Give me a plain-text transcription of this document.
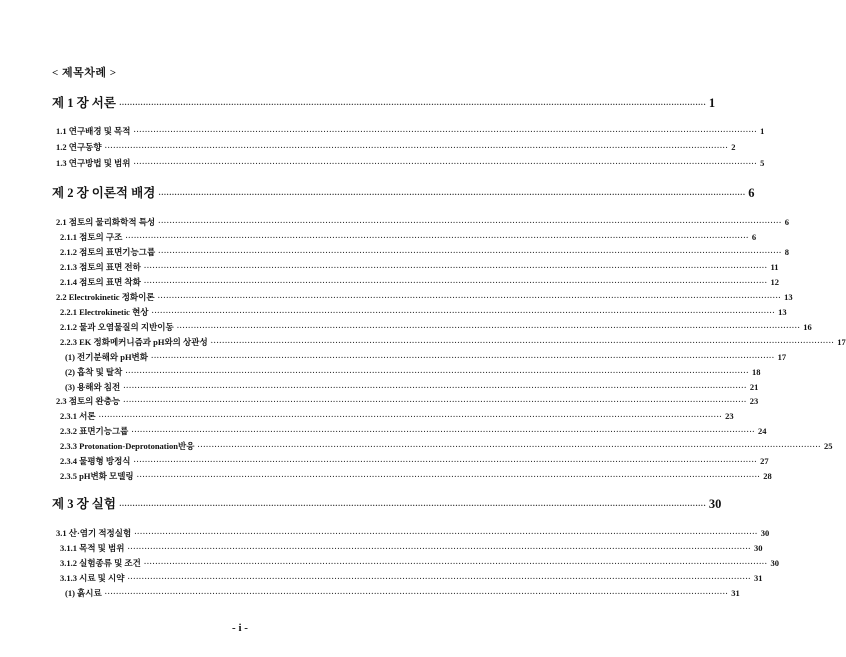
< 제목차례 >
제 1 장 서론 ···························································································································································································································· 1
1.1 연구배경 및 목적 ···························································································································································································································· 1
1.2 연구동향 ···························································································································································································································· 2
1.3 연구방법 및 범위 ···························································································································································································································· 5
제 2 장 이론적 배경 ···························································································································································································································· 6
2.1 점토의 물리화학적 특성 ···························································································································································································································· 6
2.1.1 점토의 구조 ···························································································································································································································· 6
2.1.2 점토의 표면기능그룹 ···························································································································································································································· 8
2.1.3 점토의 표면 전하 ···························································································································································································································· 11
2.1.4 점토의 표면 착화 ···························································································································································································································· 12
2.2 Electrokinetic 정화이론 ···························································································································································································································· 13
2.2.1 Electrokinetic 현상 ···························································································································································································································· 13
2.1.2 물과 오염물질의 지반이동 ···························································································································································································································· 16
2.2.3 EK 정화메커니즘과 pH와의 상관성 ···························································································································································································································· 17
(1) 전기분해와 pH변화 ···························································································································································································································· 17
(2) 흡착 및 탈착 ···························································································································································································································· 18
(3) 용해와 침전 ···························································································································································································································· 21
2.3 점토의 완충능 ···························································································································································································································· 23
2.3.1 서론 ···························································································································································································································· 23
2.3.2 표면기능그룹 ···························································································································································································································· 24
2.3.3 Protonation-Deprotonation반응 ···························································································································································································································· 25
2.3.4 물평형 방정식 ···························································································································································································································· 27
2.3.5 pH변화 모델링 ···························································································································································································································· 28
제 3 장 실험 ···························································································································································································································· 30
3.1 산·염기 적정실험 ···························································································································································································································· 30
3.1.1 목적 및 범위 ···························································································································································································································· 30
3.1.2 실험종류 및 조건 ···························································································································································································································· 30
3.1.3 시료 및 시약 ···························································································································································································································· 31
(1) 흙시료 ···························································································································································································································· 31
- i -
